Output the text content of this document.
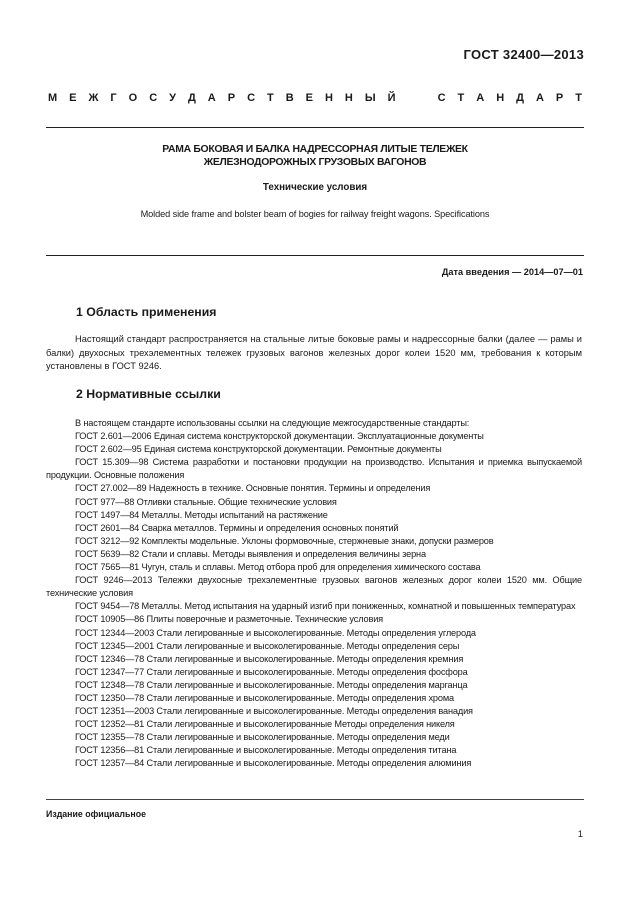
ГОСТ 32400—2013
М Е Ж Г О С У Д А Р С Т В Е Н Н Ы Й

	С Т А Н Д А Р Т
РАМА БОКОВАЯ И БАЛКА НАДРЕССОРНАЯ ЛИТЫЕ ТЕЛЕЖЕК
ЖЕЛЕЗНОДОРОЖНЫХ ГРУЗОВЫХ ВАГОНОВ
Технические условия
Molded side frame and bolster beam of bogies for railway freight wagons. Specifications
Дата введения — 2014—07—01
1 Область применения

Настоящий стандарт распространяется на стальные литые боковые рамы и надрессорные балки (далее — рамы и балки) двухосных трехэлементных тележек грузовых вагонов железных дорог колеи 1520 мм, требования к которым установлены в ГОСТ 9246.

2 Нормативные ссылки
В настоящем стандарте использованы ссылки на следующие межгосударственные стандарты:
ГОСТ 2.601—2006 Единая система конструкторской документации. Эксплуатационные документы
ГОСТ 2.602—95 Единая система конструкторской документации. Ремонтные документы
ГОСТ 15.309—98 Система разработки и постановки продукции на производство. Испытания и приемка выпускаемой продукции. Основные положения
ГОСТ 27.002—89 Надежность в технике. Основные понятия. Термины и определения
ГОСТ 977—88 Отливки стальные. Общие технические условия
ГОСТ 1497—84 Металлы. Методы испытаний на растяжение
ГОСТ 2601—84 Сварка металлов. Термины и определения основных понятий
ГОСТ 3212—92 Комплекты модельные. Уклоны формовочные, стержневые знаки, допуски размеров
ГОСТ 5639—82 Стали и сплавы. Методы выявления и определения величины зерна
ГОСТ 7565—81 Чугун, сталь и сплавы. Метод отбора проб для определения химического состава
ГОСТ 9246—2013 Тележки двухосные трехэлементные грузовых вагонов железных дорог колеи 1520 мм. Общие технические условия
ГОСТ 9454—78 Металлы. Метод испытания на ударный изгиб при пониженных, комнатной и повышенных температурах
ГОСТ 10905—86 Плиты поверочные и разметочные. Технические условия
ГОСТ 12344—2003 Стали легированные и высоколегированные. Методы определения углерода
ГОСТ 12345—2001 Стали легированные и высоколегированные. Методы определения серы
ГОСТ 12346—78 Стали легированные и высоколегированные. Методы определения кремния
ГОСТ 12347—77 Стали легированные и высоколегированные. Методы определения фосфора
ГОСТ 12348—78 Стали легированные и высоколегированные. Методы определения марганца
ГОСТ 12350—78 Стали легированные и высоколегированные. Методы определения хрома
ГОСТ 12351—2003 Стали легированные и высоколегированные. Методы определения ванадия
ГОСТ 12352—81 Стали легированные и высоколегированные Методы определения никеля
ГОСТ 12355—78 Стали легированные и высоколегированные. Методы определения меди
ГОСТ 12356—81 Стали легированные и высоколегированные. Методы определения титана
ГОСТ 12357—84 Стали легированные и высоколегированные. Методы определения алюминия
Издание официальное
1
